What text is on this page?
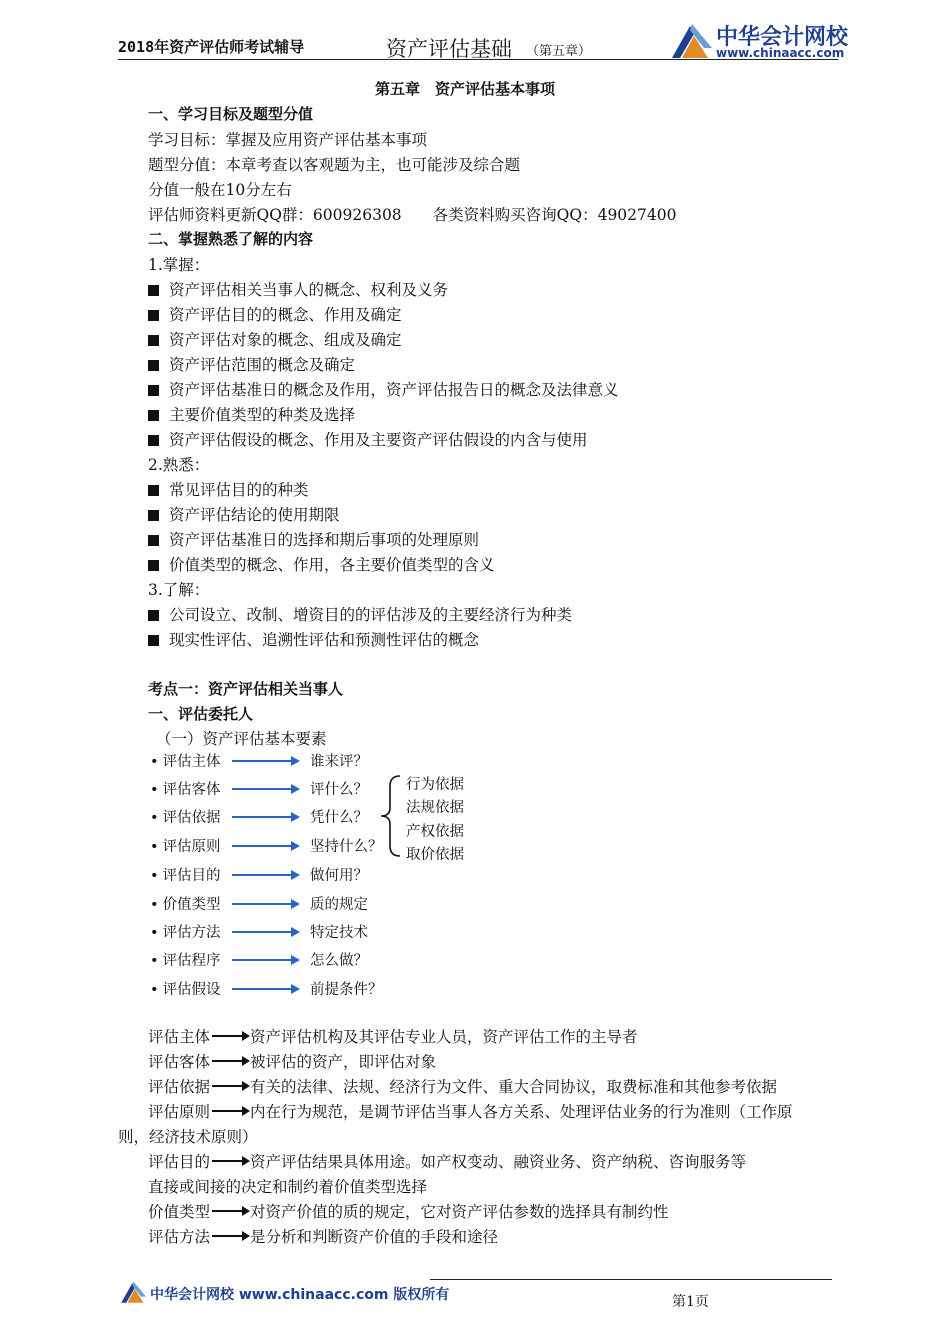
2018年资产评估师考试辅导	资产评估基础 （第五章）
中华会计网校
www.chinaacc.com
第五章　资产评估基本事项
一、学习目标及题型分值
学习目标：掌握及应用资产评估基本事项
题型分值：本章考查以客观题为主，也可能涉及综合题
分值一般在10分左右
评估师资料更新QQ群：600926308　　各类资料购买咨询QQ：49027400
二、掌握熟悉了解的内容
1.掌握：
资产评估相关当事人的概念、权利及义务
资产评估目的的概念、作用及确定
资产评估对象的概念、组成及确定
资产评估范围的概念及确定
资产评估基准日的概念及作用，资产评估报告日的概念及法律意义
主要价值类型的种类及选择
资产评估假设的概念、作用及主要资产评估假设的内含与使用
2.熟悉：
常见评估目的的种类
资产评估结论的使用期限
资产评估基准日的选择和期后事项的处理原则
价值类型的概念、作用，各主要价值类型的含义
3.了解：
公司设立、改制、增资目的的评估涉及的主要经济行为种类
现实性评估、追溯性评估和预测性评估的概念
考点一：资产评估相关当事人
一、评估委托人
（一）资产评估基本要素
• 评估主体	谁来评？
• 评估客体	评什么？
• 评估依据	凭什么？
• 评估原则	坚持什么？
• 评估目的	做何用？
• 价值类型	质的规定
• 评估方法	特定技术
• 评估程序	怎么做？
• 评估假设	前提条件？
行为依据
法规依据
产权依据
取价依据
评估主体	资产评估机构及其评估专业人员，资产评估工作的主导者
评估客体	被评估的资产，即评估对象
评估依据	有关的法律、法规、经济行为文件、重大合同协议，取费标准和其他参考依据
评估原则	内在行为规范，是调节评估当事人各方关系、处理评估业务的行为准则（工作原
则，经济技术原则）
评估目的	资产评估结果具体用途。如产权变动、融资业务、资产纳税、咨询服务等
直接或间接的决定和制约着价值类型选择
价值类型	对资产价值的质的规定，它对资产评估参数的选择具有制约性
评估方法	是分析和判断资产价值的手段和途径
中华会计网校 www.chinaacc.com 版权所有	第1页
